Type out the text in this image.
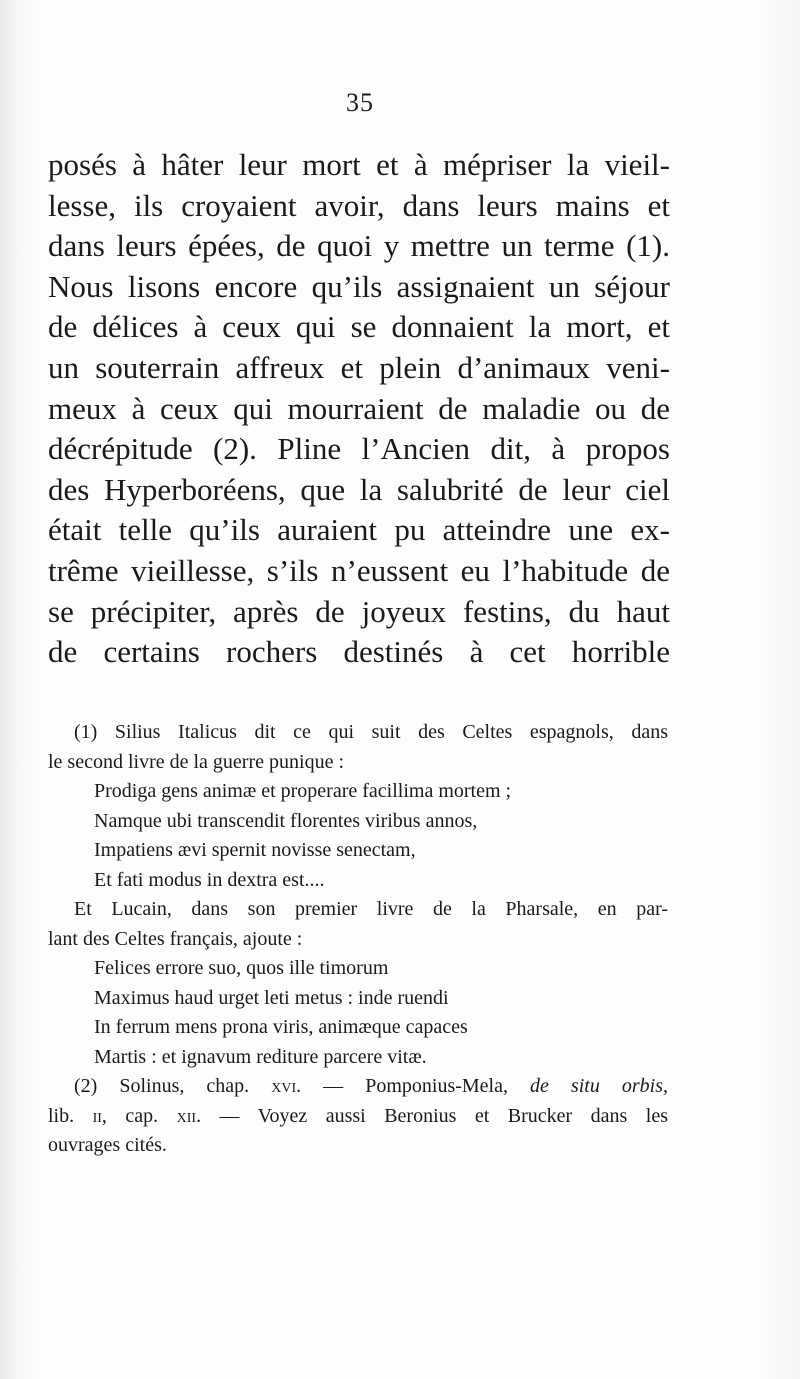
35
posés à hâter leur mort et à mépriser la vieil-
lesse, ils croyaient avoir, dans leurs mains et
dans leurs épées, de quoi y mettre un terme (1).
Nous lisons encore qu’ils assignaient un séjour
de délices à ceux qui se donnaient la mort, et
un souterrain affreux et plein d’animaux veni-
meux à ceux qui mourraient de maladie ou de
décrépitude (2). Pline l’Ancien dit, à propos
des Hyperboréens, que la salubrité de leur ciel
était telle qu’ils auraient pu atteindre une ex-
trême vieillesse, s’ils n’eussent eu l’habitude de
se précipiter, après de joyeux festins, du haut
de certains rochers destinés à cet horrible
(1) Silius Italicus dit ce qui suit des Celtes espagnols, dans
le second livre de la guerre punique :
Prodiga gens animæ et properare facillima mortem ;
Namque ubi transcendit florentes viribus annos,
Impatiens ævi spernit novisse senectam,
Et fati modus in dextra est....
Et Lucain, dans son premier livre de la Pharsale, en par-
lant des Celtes français, ajoute :
Felices errore suo, quos ille timorum
Maximus haud urget leti metus : inde ruendi
In ferrum mens prona viris, animæque capaces
Martis : et ignavum rediture parcere vitæ.
(2) Solinus, chap. xvi. — Pomponius-Mela, de situ orbis,
lib. ii, cap. xii. — Voyez aussi Beronius et Brucker dans les
ouvrages cités.
